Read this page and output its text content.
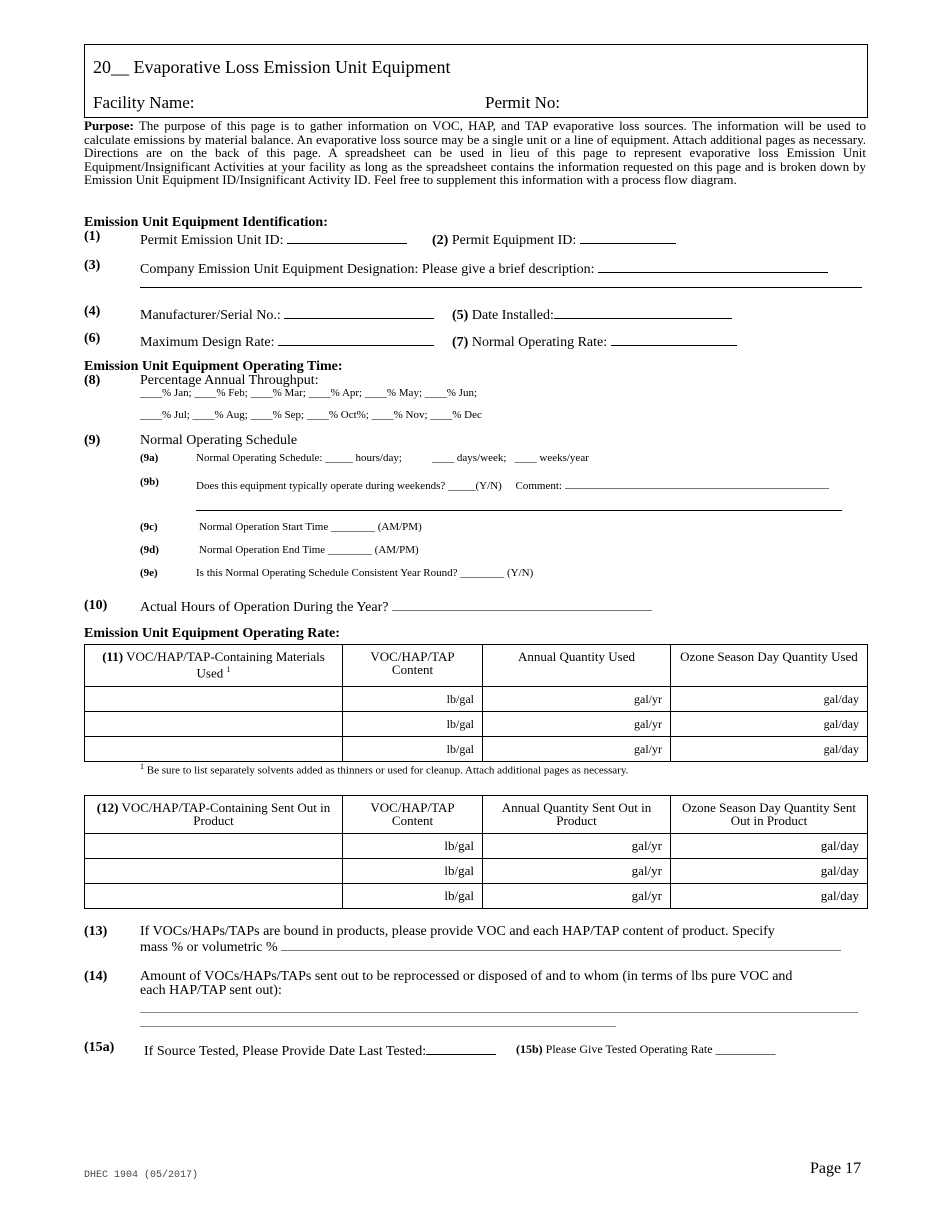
20__ Evaporative Loss Emission Unit Equipment
Facility Name:	Permit No:
Purpose: The purpose of this page is to gather information on VOC, HAP, and TAP evaporative loss sources. The information will be used to calculate emissions by material balance. An evaporative loss source may be a single unit or a line of equipment. Attach additional pages as necessary. Directions are on the back of this page. A spreadsheet can be used in lieu of this page to represent evaporative loss Emission Unit Equipment/Insignificant Activities at your facility as long as the spreadsheet contains the information requested on this page and is broken down by Emission Unit Equipment ID/Insignificant Activity ID. Feel free to supplement this information with a process flow diagram.
Emission Unit Equipment Identification:
(1)	Permit Emission Unit ID:	(2) Permit Equipment ID:
(3)	Company Emission Unit Equipment Designation: Please give a brief description:
(4)	Manufacturer/Serial No.:	(5) Date Installed:
(6)	Maximum Design Rate:	(7) Normal Operating Rate:
Emission Unit Equipment Operating Time:
(8)	Percentage Annual Throughput:
____% Jan; ____% Feb; ____% Mar; ____% Apr; ____% May; ____% Jun;
____% Jul; ____% Aug; ____% Sep; ____% Oct%; ____% Nov; ____% Dec
(9)	Normal Operating Schedule
(9a)	Normal Operating Schedule: _____ hours/day;           ____ days/week;   ____ weeks/year
(9b)	Does this equipment typically operate during weekends? _____(Y/N)     Comment:
(9c)	Normal Operation Start Time ________ (AM/PM)
(9d)	Normal Operation End Time ________ (AM/PM)
(9e)	Is this Normal Operating Schedule Consistent Year Round? ________ (Y/N)
(10) Actual Hours of Operation During the Year?
Emission Unit Equipment Operating Rate:
(11) VOC/HAP/TAP-Containing Materials Used $^1$	VOC/HAP/TAP Content	Annual Quantity Used	Ozone Season Day Quantity Used
	lb/gal	gal/yr	gal/day
	lb/gal	gal/yr	gal/day
	lb/gal	gal/yr	gal/day
$^1$ Be sure to list separately solvents added as thinners or used for cleanup. Attach additional pages as necessary.
(12) VOC/HAP/TAP-Containing Sent Out in Product	VOC/HAP/TAP Content	Annual Quantity Sent Out in Product	Ozone Season Day Quantity Sent Out in Product
	lb/gal	gal/yr	gal/day
	lb/gal	gal/yr	gal/day
	lb/gal	gal/yr	gal/day
(13) If VOCs/HAPs/TAPs are bound in products, please provide VOC and each HAP/TAP content of product. Specify
mass % or volumetric %
(14) Amount of VOCs/HAPs/TAPs sent out to be reprocessed or disposed of and to whom (in terms of lbs pure VOC and
each HAP/TAP sent out):
(15a) If Source Tested, Please Provide Date Last Tested:	(15b) Please Give Tested Operating Rate __________
DHEC 1904 (05/2017)	Page 17
